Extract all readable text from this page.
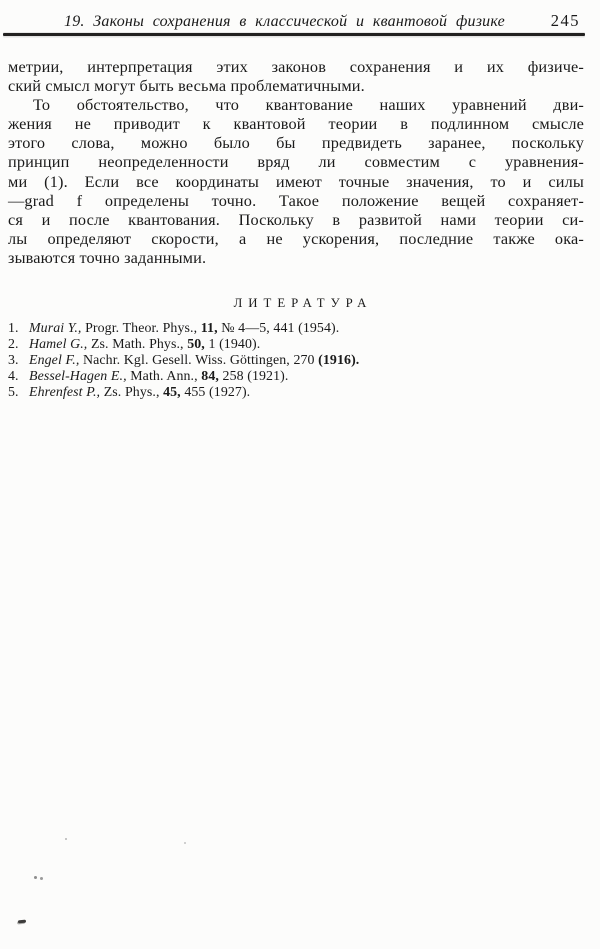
19. Законы сохранения в классической и квантовой физике	245
метрии, интерпретация этих законов сохранения и их физиче-
ский смысл могут быть весьма проблематичными.
То обстоятельство, что квантование наших уравнений дви-
жения не приводит к квантовой теории в подлинном смысле
этого слова, можно было бы предвидеть заранее, поскольку
принцип неопределенности вряд ли совместим с уравнения-
ми (1). Если все координаты имеют точные значения, то и силы
—grad f определены точно. Такое положение вещей сохраняет-
ся и после квантования. Поскольку в развитой нами теории си-
лы определяют скорости, а не ускорения, последние также ока-
зываются точно заданными.
ЛИТЕРАТУРА
1. Murai Y., Progr. Theor. Phys., 11, № 4—5, 441 (1954).
2. Hamel G., Zs. Math. Phys., 50, 1 (1940).
3. Engel F., Nachr. Kgl. Gesell. Wiss. Göttingen, 270 (1916).
4. Bessel-Hagen E., Math. Ann., 84, 258 (1921).
5. Ehrenfest P., Zs. Phys., 45, 455 (1927).
